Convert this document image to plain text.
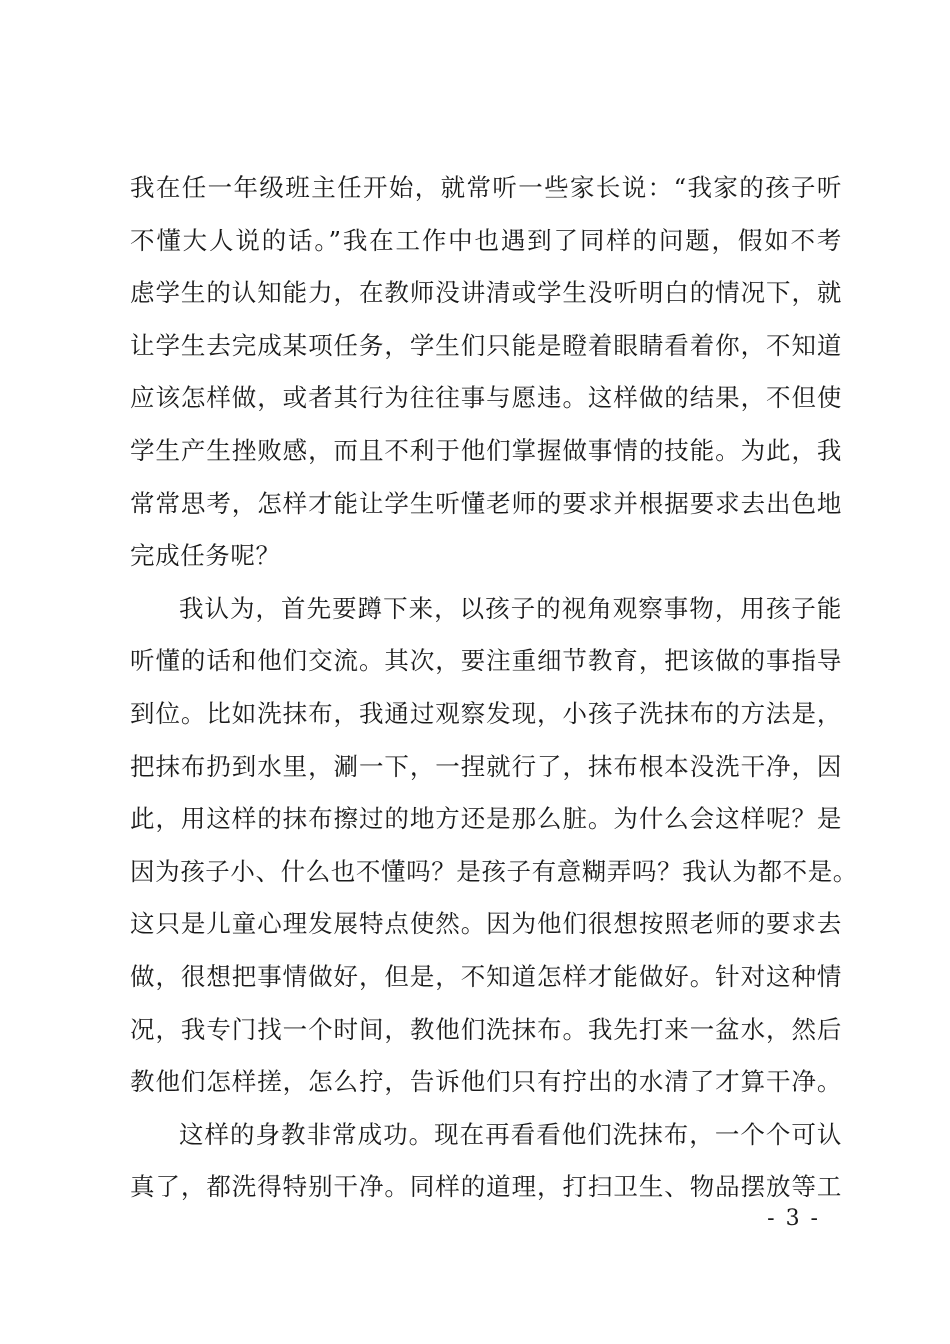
我在任一年级班主任开始，就常听一些家长说：“我家的孩子听
不懂大人说的话。”我在工作中也遇到了同样的问题，假如不考
虑学生的认知能力，在教师没讲清或学生没听明白的情况下，就
让学生去完成某项任务，学生们只能是瞪着眼睛看着你，不知道
应该怎样做，或者其行为往往事与愿违。这样做的结果，不但使
学生产生挫败感，而且不利于他们掌握做事情的技能。为此，我
常常思考，怎样才能让学生听懂老师的要求并根据要求去出色地
完成任务呢？
我认为，首先要蹲下来，以孩子的视角观察事物，用孩子能
听懂的话和他们交流。其次，要注重细节教育，把该做的事指导
到位。比如洗抹布，我通过观察发现，小孩子洗抹布的方法是，
把抹布扔到水里，涮一下，一捏就行了，抹布根本没洗干净，因
此，用这样的抹布擦过的地方还是那么脏。为什么会这样呢？是
因为孩子小、什么也不懂吗？是孩子有意糊弄吗？我认为都不是。
这只是儿童心理发展特点使然。因为他们很想按照老师的要求去
做，很想把事情做好，但是，不知道怎样才能做好。针对这种情
况，我专门找一个时间，教他们洗抹布。我先打来一盆水，然后
教他们怎样搓，怎么拧，告诉他们只有拧出的水清了才算干净。
这样的身教非常成功。现在再看看他们洗抹布，一个个可认
真了，都洗得特别干净。同样的道理，打扫卫生、物品摆放等工
- 3 -
